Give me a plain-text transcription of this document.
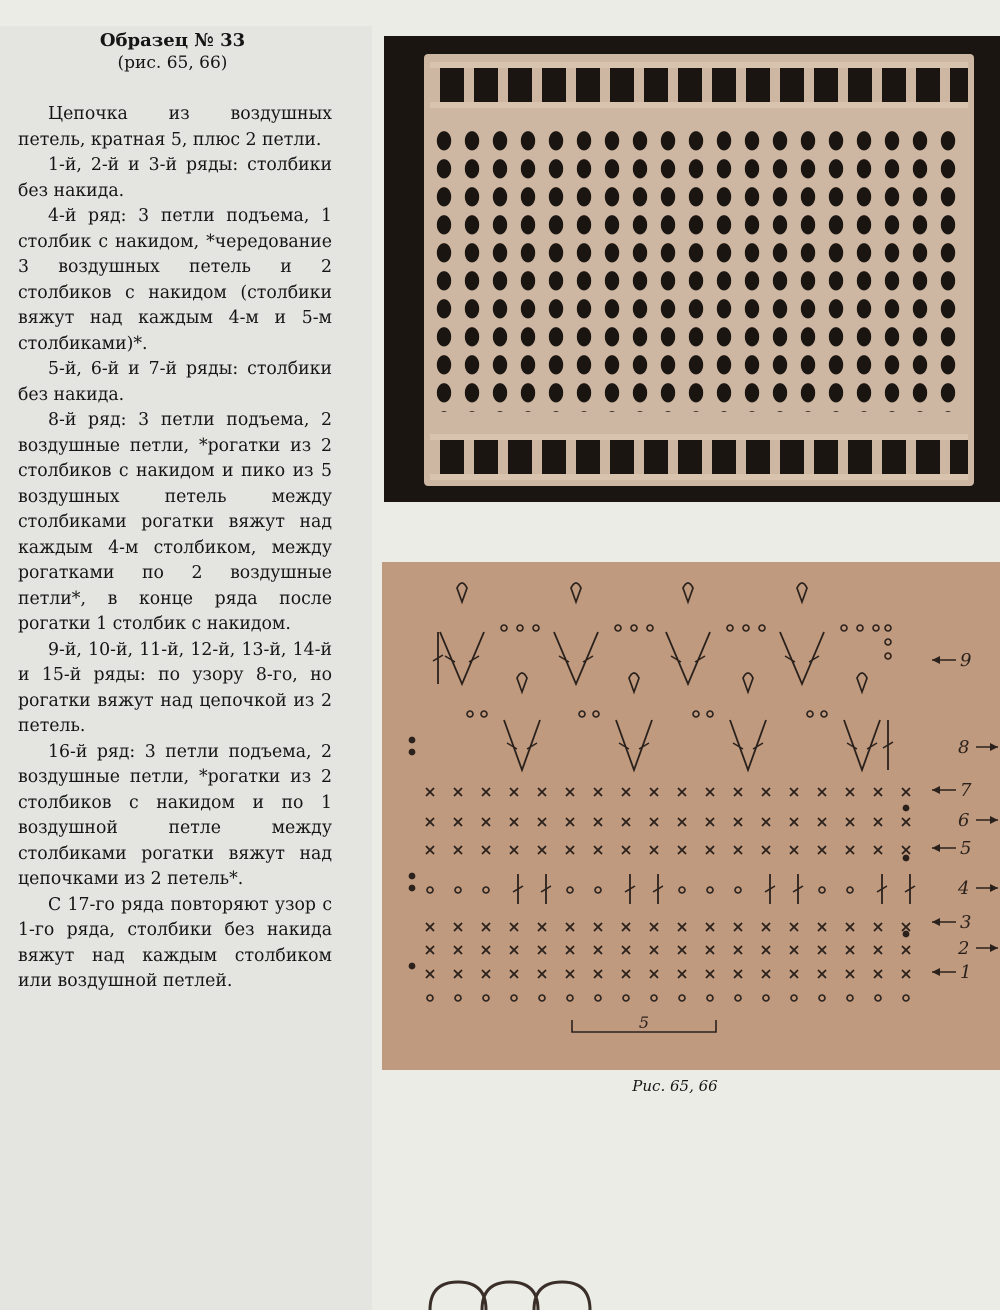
Образец № 33
(рис. 65, 66)

Цепочка из воздушных петель, кратная 5, плюс 2 петли.

1-й, 2-й и 3-й ряды: столбики без накида.

4-й ряд: 3 петли подъема, 1 столбик с накидом, *чередование 3 воздушных петель и 2 столбиков с накидом (столбики вяжут над каждым 4-м и 5-м столбиками)*.

5-й, 6-й и 7-й ряды: столбики без накида.

8-й ряд: 3 петли подъема, 2 воздушные петли, *рогатки из 2 столбиков с накидом и пико из 5 воздушных петель между столбиками рогатки вяжут над каждым 4-м столбиком, между рогатками по 2 воздушные петли*, в конце ряда после рогатки 1 столбик с накидом.

9-й, 10-й, 11-й, 12-й, 13-й, 14-й и 15-й ряды: по узору 8-го, но рогатки вяжут над цепочкой из 2 петель.

16-й ряд: 3 петли подъема, 2 воздушные петли, *рогатки из 2 столбиков с накидом и по 1 воздушной петле между столбиками рогатки вяжут над цепочками из 2 петель*.

С 17-го ряда повторяют узор с 1-го ряда, столбики без накида вяжут над каждым столбиком или воздушной петлей.	1
2
3
4
5
6
7
8
9
5
Рис. 65, 66
